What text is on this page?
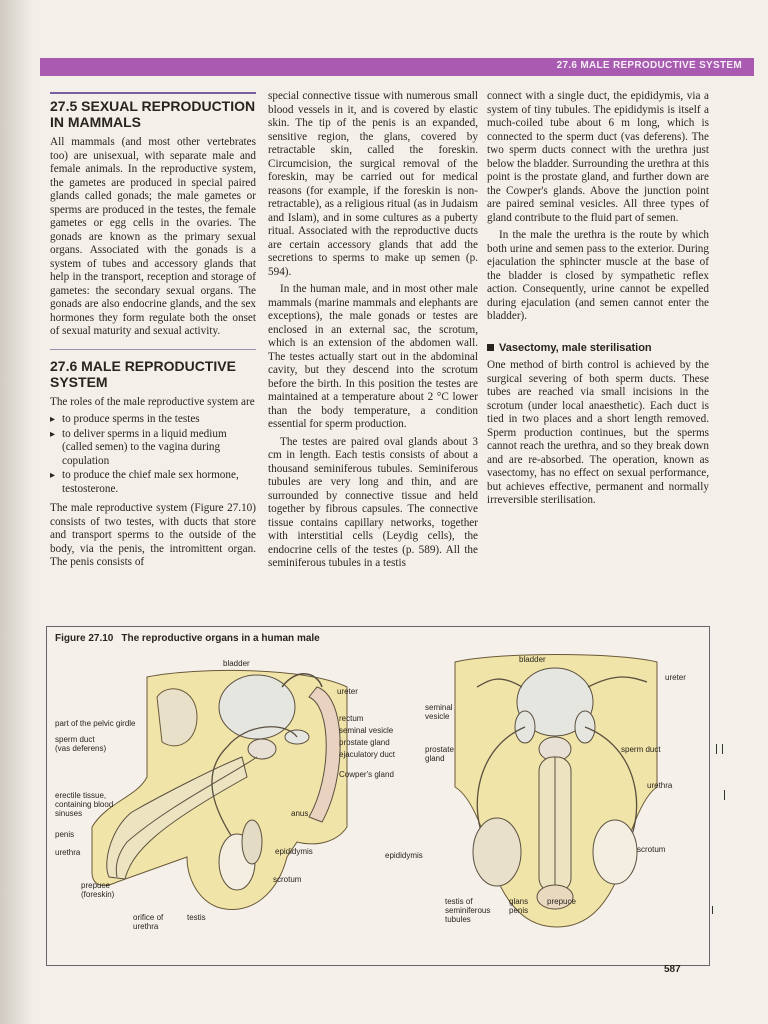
27.6 MALE REPRODUCTIVE SYSTEM
27.5 SEXUAL REPRODUCTION IN MAMMALS

All mammals (and most other vertebrates too) are unisexual, with separate male and female animals. In the reproductive system, the gametes are produced in special paired glands called gonads; the male gametes or sperms are produced in the testes, the female gametes or egg cells in the ovaries. The gonads are known as the primary sexual organs. Associated with the gonads is a system of tubes and accessory glands that help in the transport, reception and storage of gametes: the secondary sexual organs. The gonads are also endocrine glands, and the sex hormones they form regulate both the onset of sexual maturity and sexual activity.

27.6 MALE REPRODUCTIVE SYSTEM

The roles of the male reproductive system are

▸ to produce sperms in the testes
▸ to deliver sperms in a liquid medium (called semen) to the vagina during copulation
▸ to produce the chief male sex hormone, testosterone.

The male reproductive system (Figure 27.10) consists of two testes, with ducts that store and transport sperms to the outside of the body, via the penis, the intromittent organ. The penis consists of

special connective tissue with numerous small blood vessels in it, and is covered by elastic skin. The tip of the penis is an expanded, sensitive region, the glans, covered by retractable skin, called the foreskin. Circumcision, the surgical removal of the foreskin, may be carried out for medical reasons (for example, if the foreskin is non-retractable), as a religious ritual (as in Judaism and Islam), and in some cultures as a puberty ritual. Associated with the reproductive ducts are certain accessory glands that add the secretions to sperms to make up semen (p. 594).

In the human male, and in most other male mammals (marine mammals and elephants are exceptions), the male gonads or testes are enclosed in an external sac, the scrotum, which is an extension of the abdomen wall. The testes actually start out in the abdominal cavity, but they descend into the scrotum before the birth. In this position the testes are maintained at a temperature about 2 °C lower than the body temperature, a condition essential for sperm production.

The testes are paired oval glands about 3 cm in length. Each testis consists of about a thousand seminiferous tubules. Seminiferous tubules are very long and thin, and are surrounded by connective tissue and held together by fibrous capsules. The connective tissue contains capillary networks, together with interstitial cells (Leydig cells), the endocrine cells of the testes (p. 589). All the seminiferous tubules in a testis

connect with a single duct, the epididymis, via a system of tiny tubules. The epididymis is itself a much-coiled tube about 6 m long, which is connected to the sperm duct (vas deferens). The two sperm ducts connect with the urethra just below the bladder. Surrounding the urethra at this point is the prostate gland, and further down are the Cowper's glands. Above the junction point are paired seminal vesicles. All three types of gland contribute to the fluid part of semen.

In the male the urethra is the route by which both urine and semen pass to the exterior. During ejaculation the sphincter muscle at the base of the bladder is closed by sympathetic reflex action. Consequently, urine cannot be expelled during ejaculation (and semen cannot enter the bladder).

Vasectomy, male sterilisation

One method of birth control is achieved by the surgical severing of both sperm ducts. These tubes are reached via small incisions in the scrotum (under local anaesthetic). Each duct is tied in two places and a short length removed. Sperm production continues, but the sperms cannot reach the urethra, and so they break down and are re-absorbed. The operation, known as vasectomy, has no effect on sexual performance, but achieves effective, permanent and normally irreversible sterilisation.

Figure 27.10 The reproductive organs in a human male
bladder
ureter
part of the pelvic girdle
sperm duct
(vas deferens)
rectum
seminal vesicle
prostate gland
ejaculatory duct
Cowper's gland
erectile tissue,
containing blood
sinuses	anus
penis
urethra	epididymis
scrotum
prepuce
(foreskin)
orifice of
urethra
testis
bladder
ureter
seminal
vesicle
prostate
gland
sperm duct
urethra
epididymis
scrotum
testis of
seminiferous
tubules
glans
penis
prepuce
587
